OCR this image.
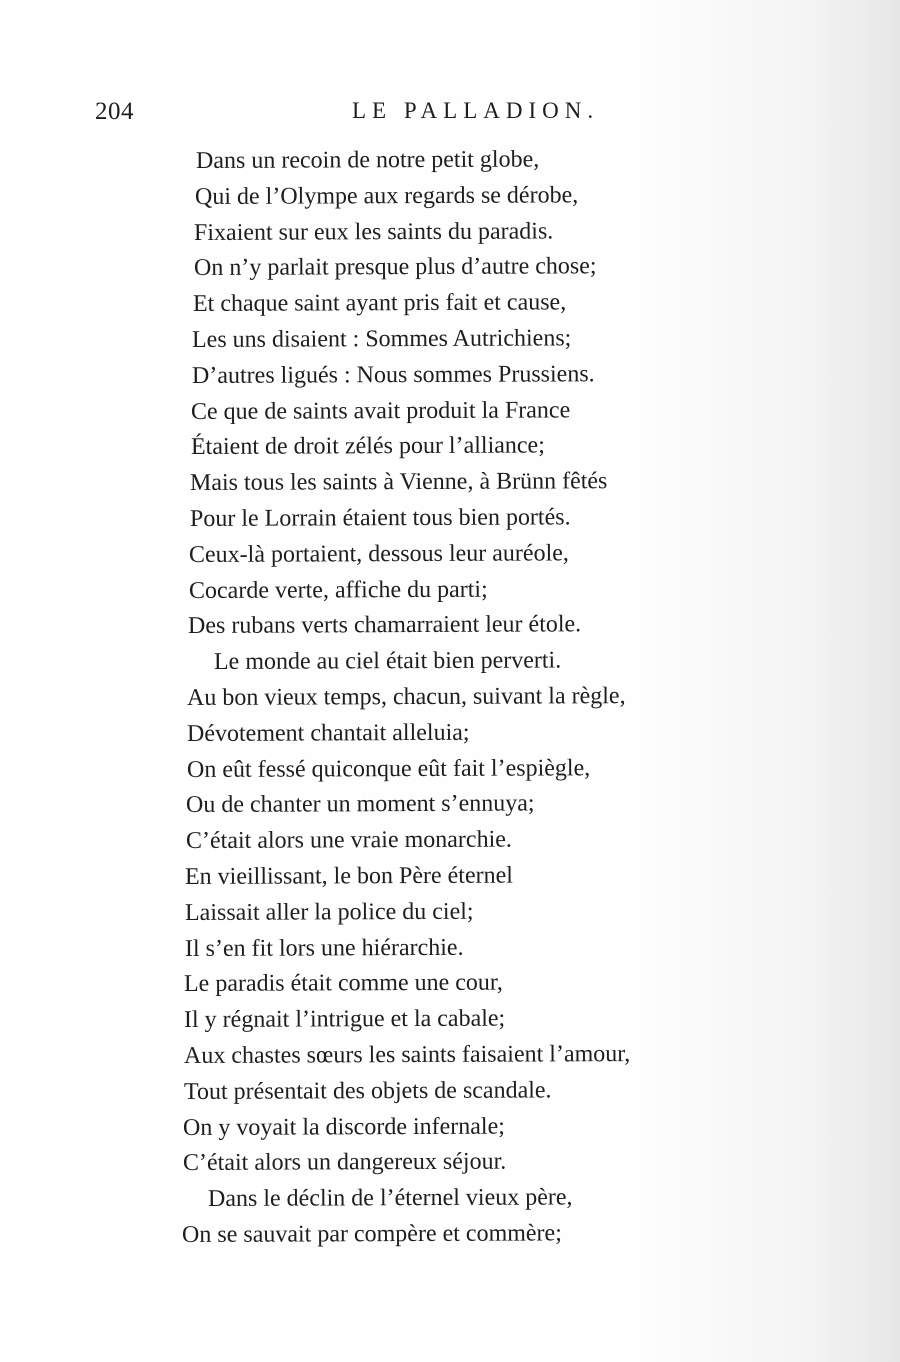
204	LE PALLADION.
Dans un recoin de notre petit globe,
Qui de l’Olympe aux regards se dérobe,
Fixaient sur eux les saints du paradis.
On n’y parlait presque plus d’autre chose;
Et chaque saint ayant pris fait et cause,
Les uns disaient : Sommes Autrichiens;
D’autres ligués : Nous sommes Prussiens.
Ce que de saints avait produit la France
Étaient de droit zélés pour l’alliance;
Mais tous les saints à Vienne, à Brünn fêtés
Pour le Lorrain étaient tous bien portés.
Ceux-là portaient, dessous leur auréole,
Cocarde verte, affiche du parti;
Des rubans verts chamarraient leur étole.
Le monde au ciel était bien perverti.
Au bon vieux temps, chacun, suivant la règle,
Dévotement chantait alleluia;
On eût fessé quiconque eût fait l’espiègle,
Ou de chanter un moment s’ennuya;
C’était alors une vraie monarchie.
En vieillissant, le bon Père éternel
Laissait aller la police du ciel;
Il s’en fit lors une hiérarchie.
Le paradis était comme une cour,
Il y régnait l’intrigue et la cabale;
Aux chastes sœurs les saints faisaient l’amour,
Tout présentait des objets de scandale.
On y voyait la discorde infernale;
C’était alors un dangereux séjour.
Dans le déclin de l’éternel vieux père,
On se sauvait par compère et commère;
